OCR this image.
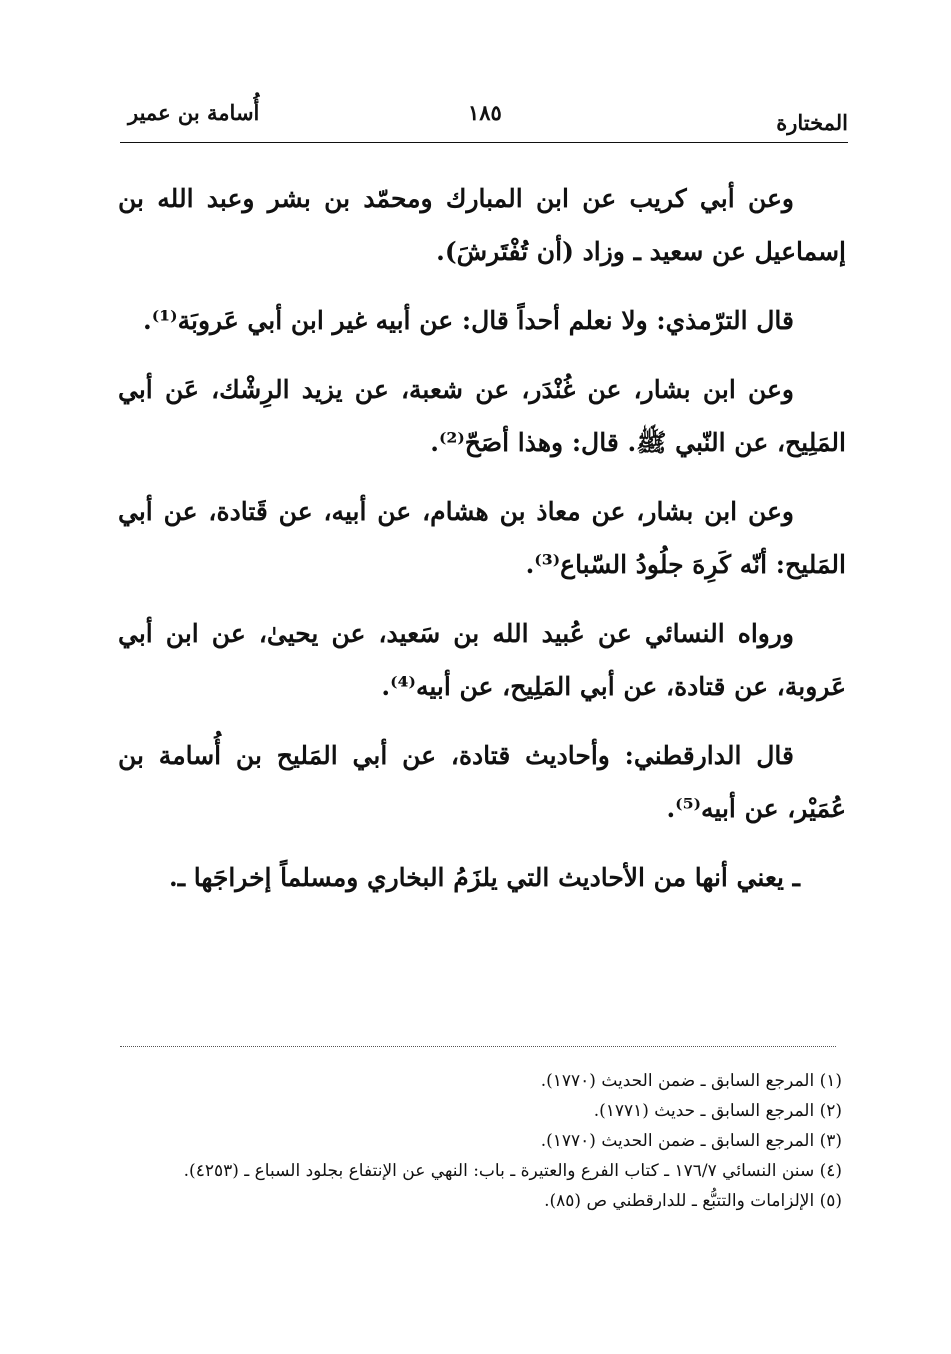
المختارة
١٨٥
أُسامة بن عمير

وعن أبي كريب عن ابن المبارك ومحمّد بن بشر وعبد الله بن إسماعيل عن سعيد ـ وزاد (أن تُفْتَرشَ).

قال الترّمذي: ولا نعلم أحداً قال: عن أبيه غير ابن أبي عَروبَة⁽¹⁾.

وعن ابن بشار، عن غُنْدَر، عن شعبة، عن يزيد الرِشْك، عَن أبي المَلِيح، عن النّبي ﷺ. قال: وهذا أصَحّ⁽²⁾.

وعن ابن بشار، عن معاذ بن هشام، عن أبيه، عن قَتادة، عن أبي المَليح: أنّه كَرِهَ جلُودُ السّباع⁽³⁾.

ورواه النسائي عن عُبيد الله بن سَعيد، عن يحيىٰ، عن ابن أبي عَروبة، عن قتادة، عن أبي المَلِيح، عن أبيه⁽⁴⁾.

قال الدارقطني: وأحاديث قتادة، عن أبي المَليح بن أُسامة بن عُمَيْر، عن أبيه⁽⁵⁾.

ـ يعني أنها من الأحاديث التي يلزَمُ البخاري ومسلماً إخراجَها ـ.

(١) المرجع السابق ـ ضمن الحديث (١٧٧٠).

(٢) المرجع السابق ـ حديث (١٧٧١).

(٣) المرجع السابق ـ ضمن الحديث (١٧٧٠).

(٤) سنن النسائي ١٧٦/٧ ـ كتاب الفرع والعتيرة ـ باب: النهي عن الإنتفاع بجلود السباع ـ (٤٢٥٣).

(٥) الإلزامات والتتبُّع ـ للدارقطني ص (٨٥).
